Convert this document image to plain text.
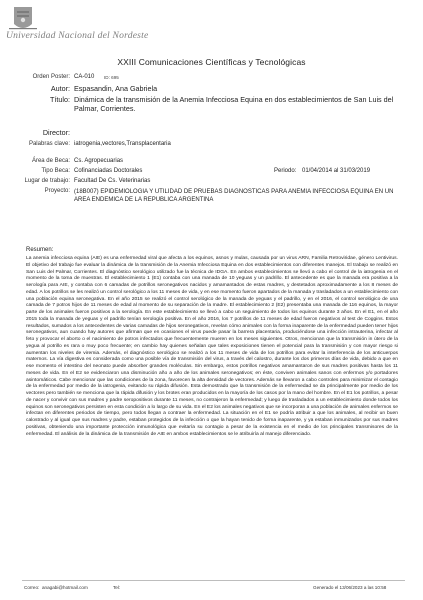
Universidad Nacional del Nordeste
XXIII Comunicaciones Científicas y Tecnológicas
Orden Poster: CA-010 ID: 695
Autor: Espasandin, Ana Gabriela
Título: Dinámica de la transmisión de la Anemia Infecciosa Equina en dos establecimientos de San Luis del Palmar, Corrientes.
Director:
Palabras clave: iatrogenia,vectores,Transplacentaria
Área de Beca: Cs. Agropecuarias
Tipo Beca: Cofinanciadas Doctorales	Periodo: 01/04/2014 al 31/03/2019
Lugar de trabajo: Facultad De Cs. Veterinarias
Proyecto: (18B007) EPIDEMIOLOGIA Y UTILIDAD DE PRUEBAS DIAGNOSTICAS PARA ANEMIA INFECCIOSA EQUINA EN UN AREA ENDEMICA DE LA REPUBLICA ARGENTINA
Resumen:
La anemia infecciosa equina (AIE) es una enfermedad viral que afecta a los equinos, asnos y mulas, causada por un virus ARN, Familia Retroviridae, género Lentivirus. El objetivo del trabajo fue evaluar la dinámica de la transmisión de la Anemia Infecciosa Equina en dos establecimientos con diferentes manejos. El trabajo se realizó en San Luis del Palmar, Corrientes. El diagnóstico serológico utilizado fue la técnica de IDGA. En ambos establecimientos se llevó a cabo el control de la iatrogenia en el momento de la toma de muestras. El establecimiento 1 (E1) contaba con una manada de 10 yeguas y un padrillo. El antecedente es que la manada era positiva a la serología para AIE, y contaba con 6 camadas de potrillos seronegativos nacidos y amamantados de estas madres, y destetados aproximadamente a los 8 meses de edad. A los potrillos se les realizó un control serológico a los 11 meses de vida, y en ese momento fueron apartados de la manada y trasladados a un establecimiento con una población equina seronegativa. En el año 2015 se realizó el control serológico de la manada de yeguas y el padrillo, y en el 2016, el control serológico de una camada de 7 potros hijos de 11 meses de edad al momento de su separación de la madre. El establecimiento 2 (E2) presentaba una manada de 116 equinos, la mayor parte de los animales fueron positivos a la serología. En este establecimiento se llevó a cabo un seguimiento de todos los equinos durante 3 años. En el E1, en el año 2015 toda la manada de yeguas y el padrillo tenían serología positiva. En el año 2016, los 7 potrillos de 11 meses de edad fueron negativos al test de Coggins. Estos resultados, sumados a los antecedentes de varias camadas de hijos seronegativos, revelan cómo animales con la forma inaparente de la enfermedad pueden tener hijos seronegativos, aun cuando hay autores que afirman que en ocasiones el virus puede pasar la barrera placentaria, produciéndose una infección intrauterina, infectar al feto y provocar el aborto o el nacimiento de potros infectados que frecuentemente mueren en los meses siguientes. Otros, mencionan que la transmisión in útero de la yegua al potrillo es rara o muy poco frecuente; en cambio hay quienes señalan que tales exposiciones tienen el potencial para la transmisión y con mayor riesgo si aumentan los niveles de viremia. Además, el diagnóstico serológico se realizó a los 11 meses de vida de los potrillos para evitar la interferencia de los anticuerpos maternos. La vía digestiva es considerada como una posible vía de transmisión del virus, a través del calostro, durante los dos primeros días de vida, debido a que en ese momento el intestino del neonato puede absorber grandes moléculas. Sin embargo, estos potrillos negativos amamantaron de sus madres positivas hasta los 11 meses de vida. En el E2 se evidenciaron una disminución año a año de los animales seronegativos; en éste, conviven animales sanos con enfermos y/o portadores asintomáticos. Cabe mencionar que las condiciones de la zona, favorecen la alta densidad de vectores. Además se llevaron a cabo controles para minimizar el contagio de la enfermedad por medio de la iatrogenia, evitando su rápida difusión. Esta demostrado que la transmisión de la enfermedad se da principalmente por medio de los vectores pero también se menciona que la rápida difusión y los brotes eran producidos en la mayoría de los casos por la mano del hombre. En el E1 los potrillos, a pesar de nacer y convivir con sus madres y padre seropositivos durante 11 meses, no contrajeron la enfermedad; y luego de trasladados a un establecimiento donde todos los equinos son seronegativos persisten en esta condición a lo largo de su vida. En el E2 los animales negativos que se incorporan a una población de animales enfermos se infectan en diferentes periodos de tiempo, pero todos llegan a contraer la enfermedad. La situación en el E1 se podría atribuir a que los animales, al recibir un buen calostrado y al igual que sus madres y padre, estaban protegidos de la infección o que la hayan tenido de forma inaparente, y ya estaban inmunizados por sus madres positivas, obteniendo una importante protección inmunológica que evitaría su contagio a pesar de la existencia en el medio de los principales transmisores de la enfermedad. El análisis de la dinámica de la transmisión de AIE en ambos establecimientos se le atribuiría al manejo diferenciado.
Correo: anagabi@hotmail.com	Tel:	Generado el 13/06/2023 a las 10:58
